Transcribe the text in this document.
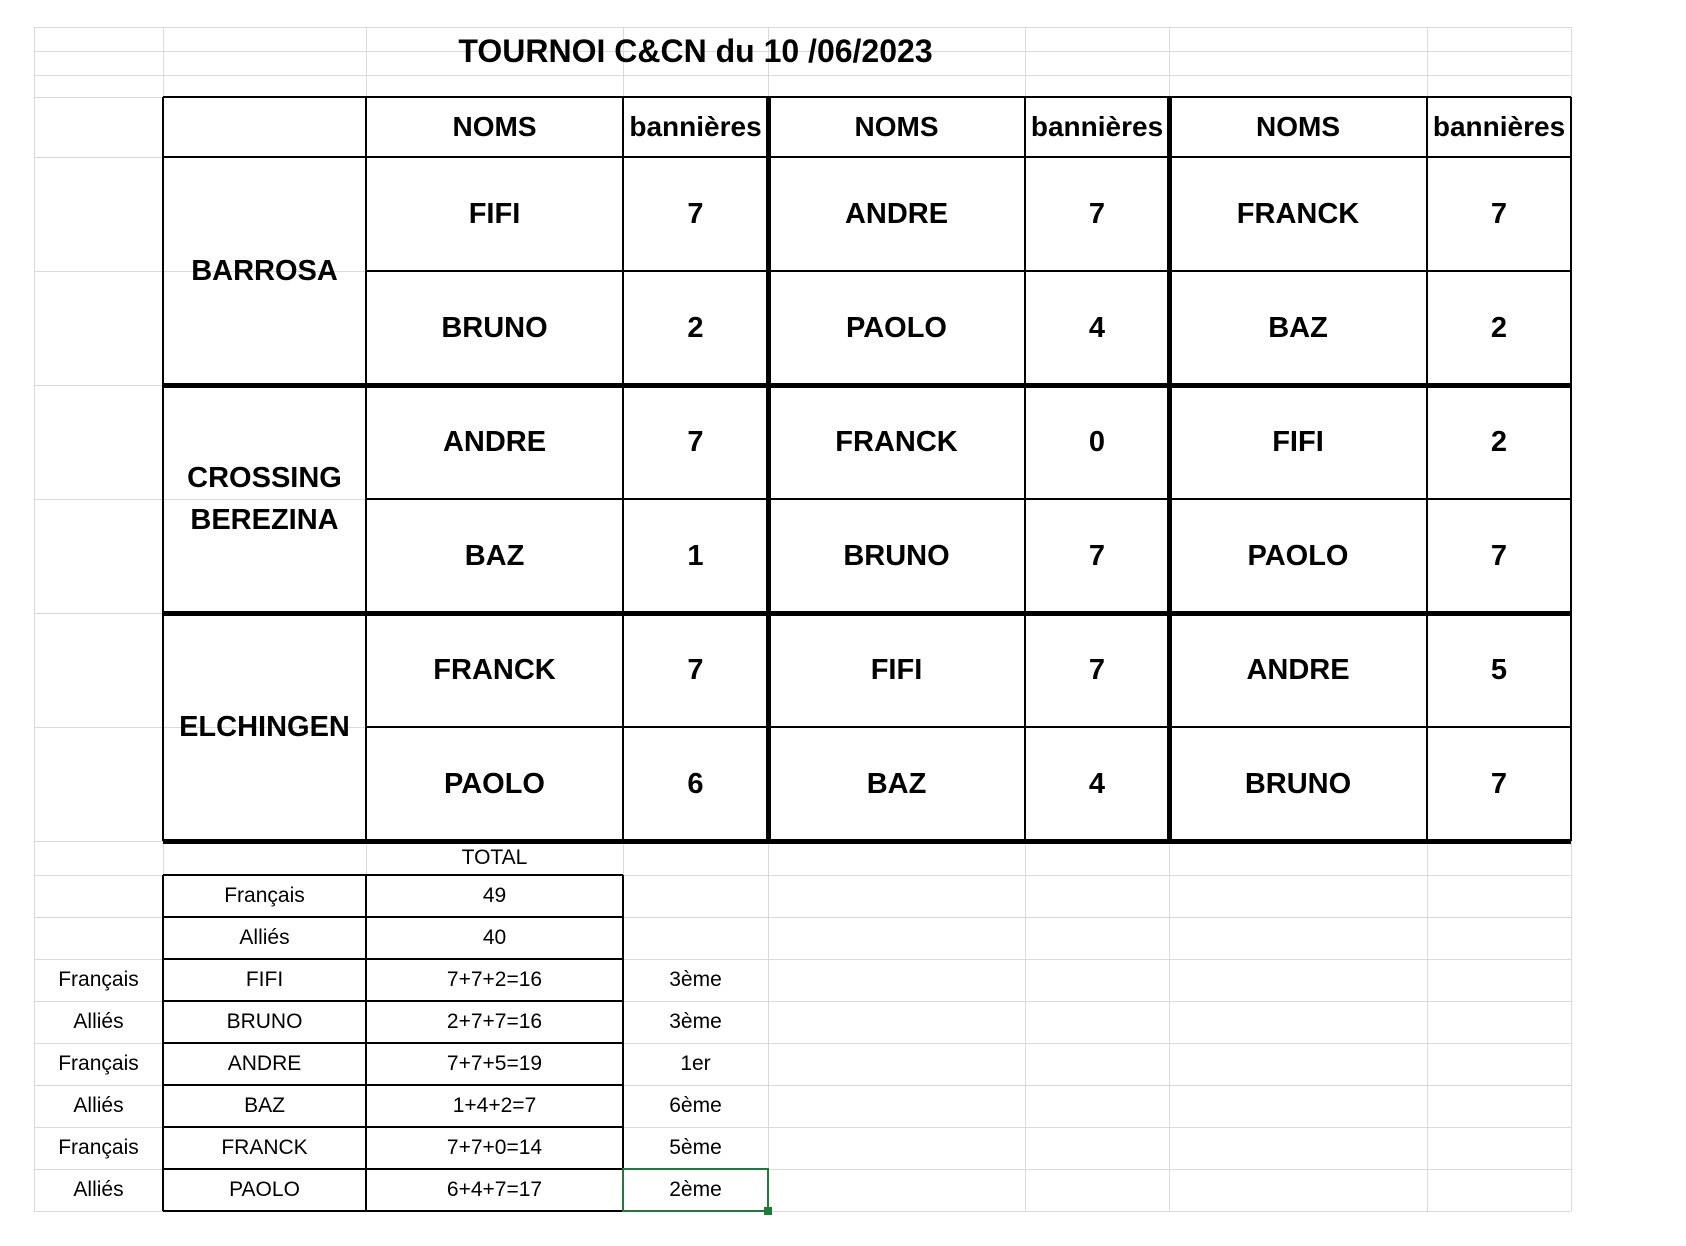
TOURNOI C&CN du 10 /06/2023
NOMS	bannières	NOMS	bannières	NOMS	bannières
BARROSA
FIFI	7	ANDRE	7	FRANCK	7
BRUNO	2	PAOLO	4	BAZ	2
CROSSING
BEREZINA
ANDRE	7	FRANCK	0	FIFI	2
BAZ	1	BRUNO	7	PAOLO	7
ELCHINGEN
FRANCK	7	FIFI	7	ANDRE	5
PAOLO	6	BAZ	4	BRUNO	7
TOTAL
Français	49
Alliés	40
Français	FIFI	7+7+2=16	3ème
Alliés	BRUNO	2+7+7=16	3ème
Français	ANDRE	7+7+5=19	1er
Alliés	BAZ	1+4+2=7	6ème
Français	FRANCK	7+7+0=14	5ème
Alliés	PAOLO	6+4+7=17	2ème
